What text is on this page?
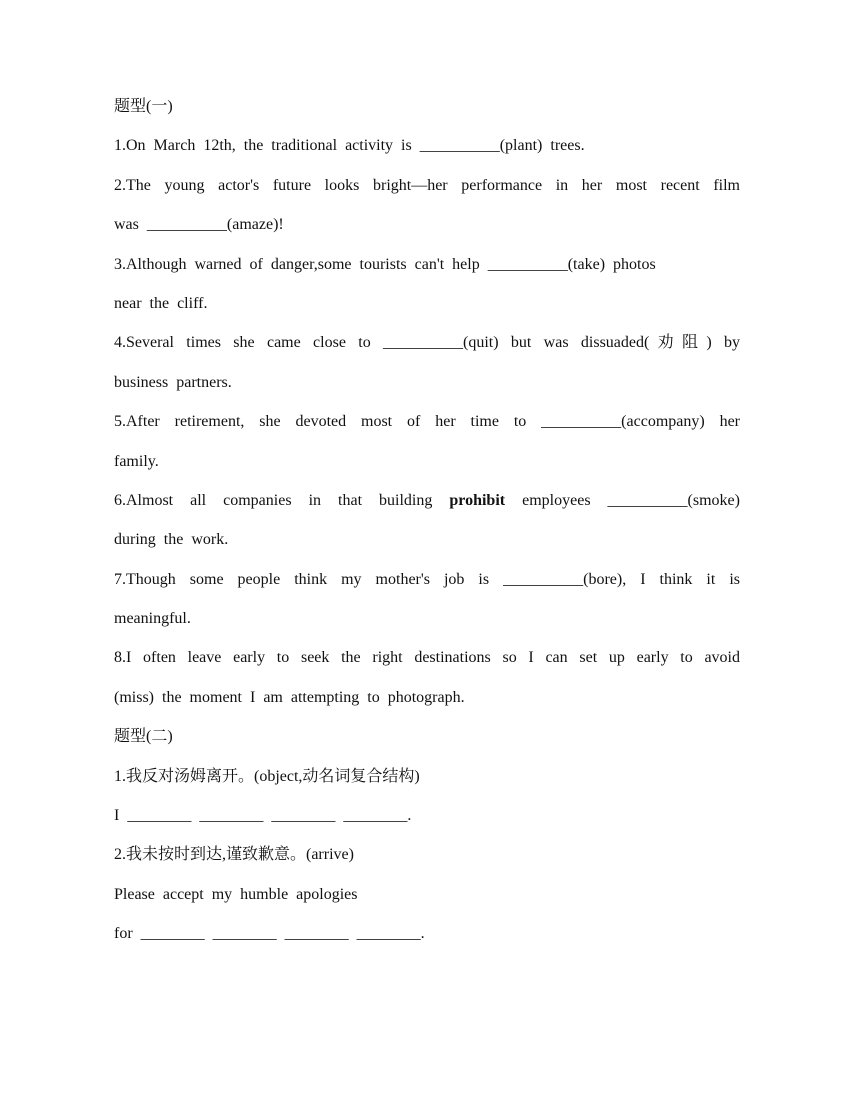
题型(一)
1.On March 12th, the traditional activity is __________(plant) trees.
2.The young actor's future looks bright—her performance in her most recent film
was __________(amaze)!
3.Although warned of danger,some tourists can't help __________(take) photos
near the cliff.
4.Several times she came close to __________(quit) but was dissuaded(劝阻) by
business partners.
5.After retirement, she devoted most of her time to __________(accompany) her
family.
6.Almost all companies in that building prohibit employees __________(smoke)
during the work.
7.Though some people think my mother's job is __________(bore), I think it is
meaningful.
8.I often leave early to seek the right destinations so I can set up early to avoid
(miss) the moment I am attempting to photograph.
题型(二)
1.我反对汤姆离开。(object,动名词复合结构)
I ________ ________ ________ ________.
2.我未按时到达,谨致歉意。(arrive)
Please accept my humble apologies
for ________ ________ ________ ________.
